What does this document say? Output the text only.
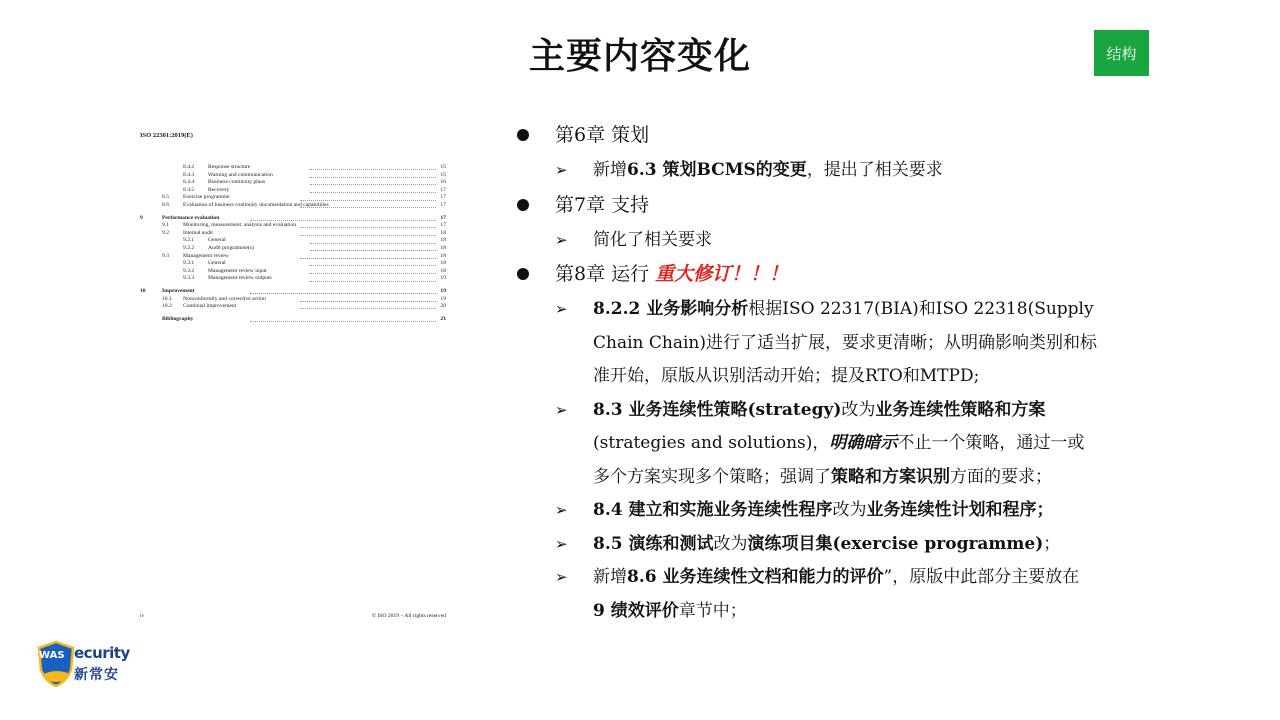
主要内容变化	结构
ISO 22301:2019(E)
8.4.2 Response structure	15
8.4.3 Warning and communication	15
8.4.4 Business continuity plans	16
8.4.5 Recovery	17
8.5	Exercise programme	17
8.6	Evaluation of business continuity documentation and capabilities	17
9	Performance evaluation	17
9.1	Monitoring, measurement, analysis and evaluation	17
9.2	Internal audit	18
9.2.1 General	18
9.2.2 Audit programme(s)	18
9.3	Management review	18
9.3.1 General	18
9.3.2 Management review input	18
9.3.3 Management review outputs	19
10	Improvement	19
10.1 Nonconformity and corrective action	19
10.2 Continual improvement	20
Bibliography	21
iv	© ISO 2019 – All rights reserved
第6章 策划
➢ 新增6.3 策划BCMS的变更，提出了相关要求
第7章 支持
➢ 简化了相关要求
第8章 运行 重大修订！！！
➢ 8.2.2 业务影响分析根据ISO 22317(BIA)和ISO 22318(Supply
Chain Chain)进行了适当扩展，要求更清晰；从明确影响类别和标
准开始，原版从识别活动开始；提及RTO和MTPD;
➢ 8.3 业务连续性策略(strategy)改为业务连续性策略和方案
(strategies and solutions)，明确暗示不止一个策略，通过一或
多个方案实现多个策略；强调了策略和方案识别方面的要求；
➢ 8.4 建立和实施业务连续性程序改为业务连续性计划和程序；
➢ 8.5 演练和测试改为演练项目集(exercise programme)；
➢ 新增8.6 业务连续性文档和能力的评价”，原版中此部分主要放在
9 绩效评价章节中；
WAS ecurity
新常安
